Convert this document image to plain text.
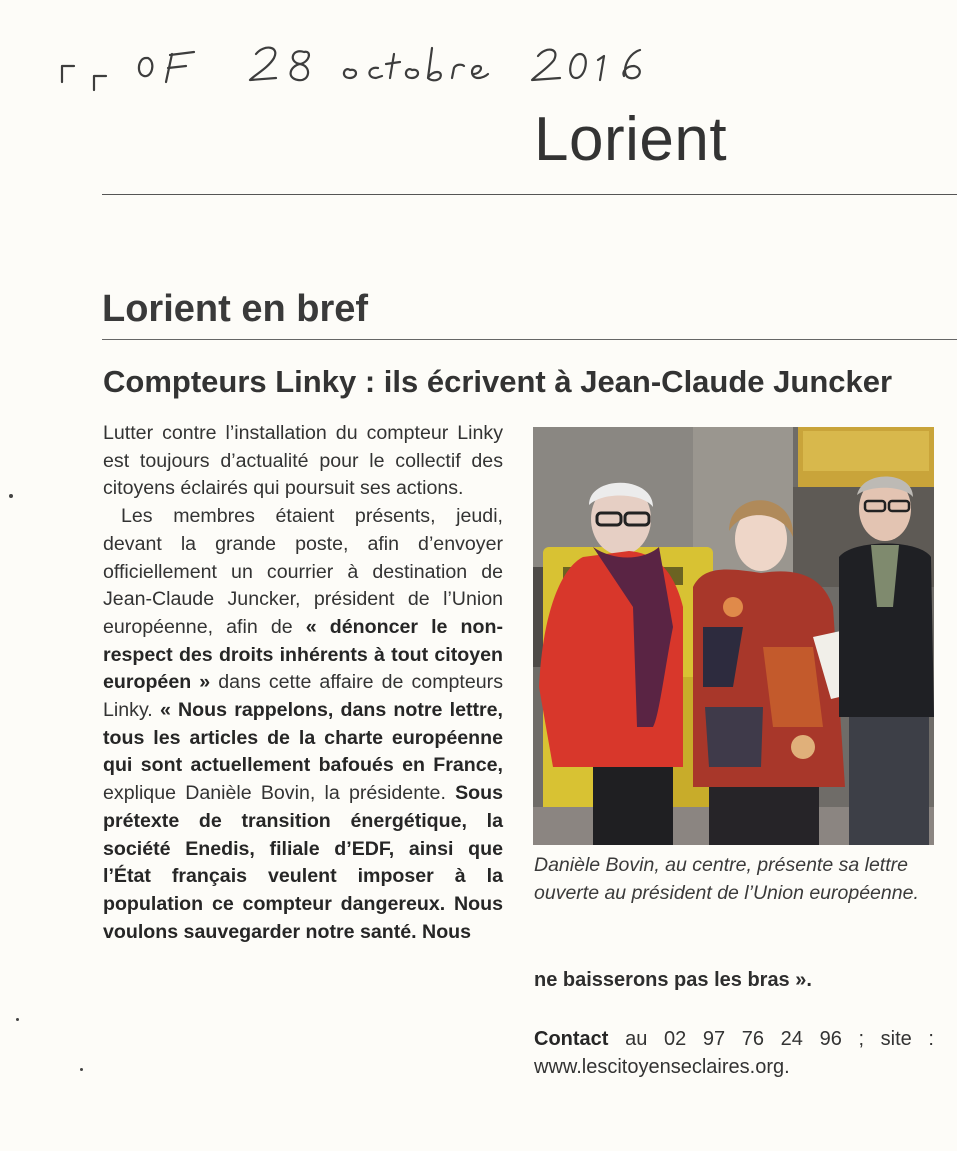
Lorient
Lorient en bref
Compteurs Linky : ils écrivent à Jean-Claude Juncker

Lutter contre l’installation du compteur Linky est toujours d’actualité pour le collectif des citoyens éclairés qui poursuit ses actions.

Les membres étaient présents, jeudi, devant la grande poste, afin d’envoyer officiellement un courrier à destination de Jean-Claude Juncker, président de l’Union européenne, afin de « dénoncer le non-respect des droits inhérents à tout citoyen européen » dans cette affaire de compteurs Linky. « Nous rappelons, dans notre lettre, tous les articles de la charte européenne qui sont actuellement bafoués en France, explique Danièle Bovin, la présidente. Sous prétexte de transition énergétique, la société Enedis, filiale d’EDF, ainsi que l’État français veulent imposer à la population ce compteur dangereux. Nous voulons sauvegarder notre santé. Nous

Danièle Bovin, au centre, présente sa lettre ouverte au président de l’Union européenne.
ne baisserons pas les bras ».
Contact au 02 97 76 24 96 ; site : www.lescitoyenseclaires.org.
